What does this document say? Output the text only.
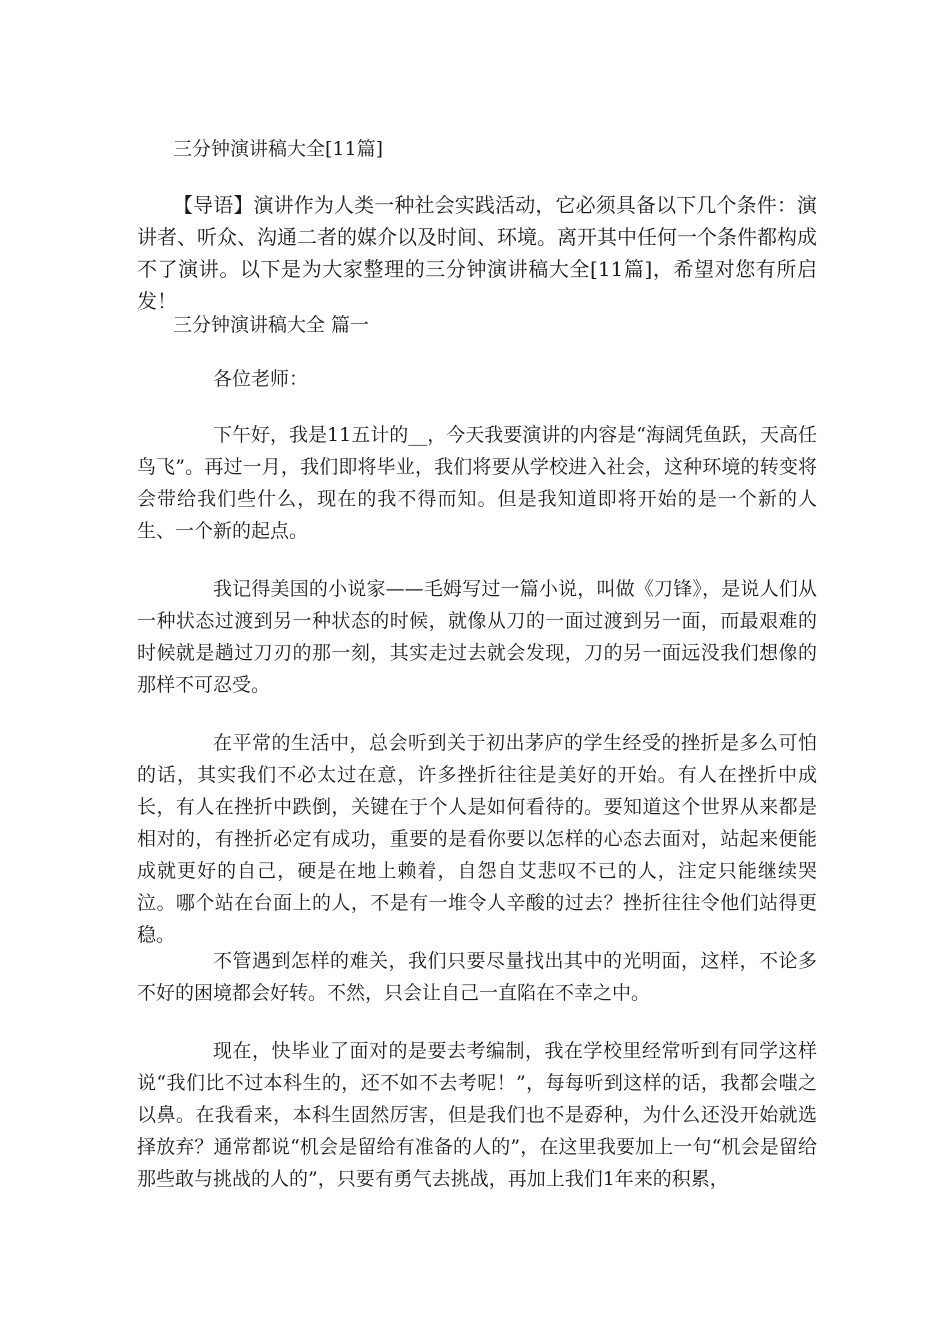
三分钟演讲稿大全[11篇]

【导语】演讲作为人类一种社会实践活动，它必须具备以下几个条件：演讲者、听众、沟通二者的媒介以及时间、环境。离开其中任何一个条件都构成不了演讲。以下是为大家整理的三分钟演讲稿大全[11篇]，希望对您有所启发！

三分钟演讲稿大全 篇一

各位老师：

下午好，我是11五计的__，今天我要演讲的内容是“海阔凭鱼跃，天高任鸟飞”。再过一月，我们即将毕业，我们将要从学校进入社会，这种环境的转变将会带给我们些什么，现在的我不得而知。但是我知道即将开始的是一个新的人生、一个新的起点。

我记得美国的小说家——毛姆写过一篇小说，叫做《刀锋》，是说人们从一种状态过渡到另一种状态的时候，就像从刀的一面过渡到另一面，而最艰难的时候就是趟过刀刃的那一刻，其实走过去就会发现，刀的另一面远没我们想像的那样不可忍受。

在平常的生活中，总会听到关于初出茅庐的学生经受的挫折是多么可怕的话，其实我们不必太过在意，许多挫折往往是美好的开始。有人在挫折中成长，有人在挫折中跌倒，关键在于个人是如何看待的。要知道这个世界从来都是相对的，有挫折必定有成功，重要的是看你要以怎样的心态去面对，站起来便能成就更好的自己，硬是在地上赖着，自怨自艾悲叹不已的人，注定只能继续哭泣。哪个站在台面上的人，不是有一堆令人辛酸的过去？挫折往往令他们站得更稳。

不管遇到怎样的难关，我们只要尽量找出其中的光明面，这样，不论多不好的困境都会好转。不然，只会让自己一直陷在不幸之中。

现在，快毕业了面对的是要去考编制，我在学校里经常听到有同学这样说“我们比不过本科生的，还不如不去考呢！”，每每听到这样的话，我都会嗤之以鼻。在我看来，本科生固然厉害，但是我们也不是孬种，为什么还没开始就选择放弃？通常都说“机会是留给有准备的人的”，在这里我要加上一句“机会是留给那些敢与挑战的人的”，只要有勇气去挑战，再加上我们1年来的积累，
